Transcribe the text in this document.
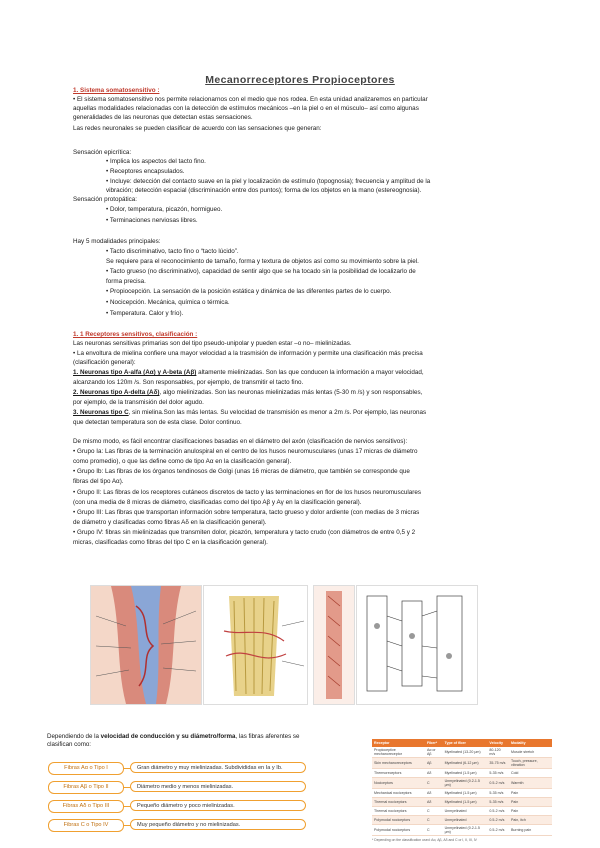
Mecanorreceptores Propioceptores
1. Sistema somatosensitivo :
• El sistema somatosensitivo nos permite relacionarnos con el medio que nos rodea. En esta unidad analizaremos en particular
aquellas modalidades relacionadas con la detección de estímulos mecánicos –en la piel o en el músculo– así como algunas
generalidades de las neuronas que detectan estas sensaciones.
Las redes neuronales se pueden clasificar de acuerdo con las sensaciones que generan:
Sensación epicrítica:
• Implica los aspectos del tacto fino.
• Receptores encapsulados.
• Incluye: detección del contacto suave en la piel y localización de estímulo (topognosia); frecuencia y amplitud de la
vibración; detección espacial (discriminación entre dos puntos); forma de los objetos en la mano (estereognosia).
Sensación protopática:
• Dolor, temperatura, picazón, hormigueo.
• Terminaciones nerviosas libres.
Hay 5 modalidades principales:
• Tacto discriminativo, tacto fino o “tacto lúcido”.
Se requiere para el reconocimiento de tamaño, forma y textura de objetos así como su movimiento sobre la piel.
• Tacto grueso (no discriminativo), capacidad de sentir algo que se ha tocado sin la posibilidad de localizarlo de
forma precisa.
• Propiocepción. La sensación de la posición estática y dinámica de las diferentes partes de lo cuerpo.
• Nocicepción. Mecánica, química o térmica.
• Temperatura. Calor y frío).
1. 1 Receptores sensitivos, clasificación :
Las neuronas sensitivas primarias son del tipo pseudo-unipolar y pueden estar –o no– mielinizadas.
• La envoltura de mielina confiere una mayor velocidad a la trasmisión de información y permite una clasificación más precisa
(clasificación general):
1. Neuronas tipo A-alfa (Aα) y A-beta (Aβ) altamente mielinizadas. Son las que conducen la información a mayor velocidad,
alcanzando los 120m /s. Son responsables, por ejemplo, de transmitir el tacto fino.
2. Neuronas tipo A-delta (Aδ), algo mielinizadas. Son las neuronas mielinizadas más lentas (5-30 m /s) y son responsables,
por ejemplo, de la transmisión del dolor agudo.
3. Neuronas tipo C, sin mielina.Son las más lentas. Su velocidad de transmisión es menor a 2m /s. Por ejemplo, las neuronas
que detectan temperatura son de esta clase. Dolor continuo.
De mismo modo, es fácil encontrar clasificaciones basadas en el diámetro del axón (clasificación de nervios sensitivos):
• Grupo Ia: Las fibras de la terminación anulospiral en el centro de los husos neuromusculares (unas 17 micras de diámetro
como promedio), o que las define como de tipo Aα en la clasificación general).
• Grupo Ib: Las fibras de los órganos tendinosos de Golgi (unas 16 micras de diámetro, que también se corresponde que
fibras del tipo Aα).
• Grupo II: Las fibras de los receptores cutáneos discretos de tacto y las terminaciones en flor de los husos neuromusculares
(con una media de 8 micras de diámetro, clasificadas como del tipo Aβ y Aγ en la clasificación general).
• Grupo III: Las fibras que transportan información sobre temperatura, tacto grueso y dolor ardiente (con medias de 3 micras
de diámetro y clasificadas como fibras Aδ en la clasificación general).
• Grupo IV: fibras sin mielinizadas que transmiten dolor, picazón, temperatura y tacto crudo (con diámetros de entre 0,5 y 2
micras, clasificadas como fibras del tipo C en la clasificación general).
Dependiendo de la velocidad de conducción y su diámetro/forma, las fibras aferentes se
clasifican como:
Fibras Aα o Tipo I	Gran diámetro y muy mielinizadas. Subdivididas en Ia y Ib.
Fibras Aβ o Tipo II	Diámetro medio y menos mielinizadas.
Fibras Aδ o Tipo III	Pequeño diámetro y poco mielinizadas.
Fibras C o Tipo IV	Muy pequeño diámetro y no mielinizadas.
Receptor	Fiber*	Type of fiber	Velocity	Modality
Propioceptive mechanoreceptor	Aα or Aβ	Myelinated (13-20 μm)	80-120 m/s	Muscle stretch
Skin mechanoreceptors	Aβ	Myelinated (6-12 μm)	35-75 m/s	Touch, pressure, vibration
Thermoreceptors	Aδ	Myelinated (1-5 μm)	5-35 m/s	Cold
Nociceptors	C	Unmyelinated (0.2-1.5 μm)	0.5-2 m/s	Warmth
Mechanical nociceptors	Aδ	Myelinated (1-5 μm)	5-35 m/s	Pain
Thermal nociceptors	Aδ	Myelinated (1-5 μm)	5-35 m/s	Pain
Thermal nociceptors	C	Unmyelinated	0.5-2 m/s	Pain
Polymodal nociceptors	C	Unmyelinated	0.5-2 m/s	Pain, itch
Polymodal nociceptors	C	Unmyelinated (0.2-1.5 μm)	0.5-2 m/s	Burning pain
* Depending on the classification used: Aα, Aβ, Aδ and C or I, II, III, IV
